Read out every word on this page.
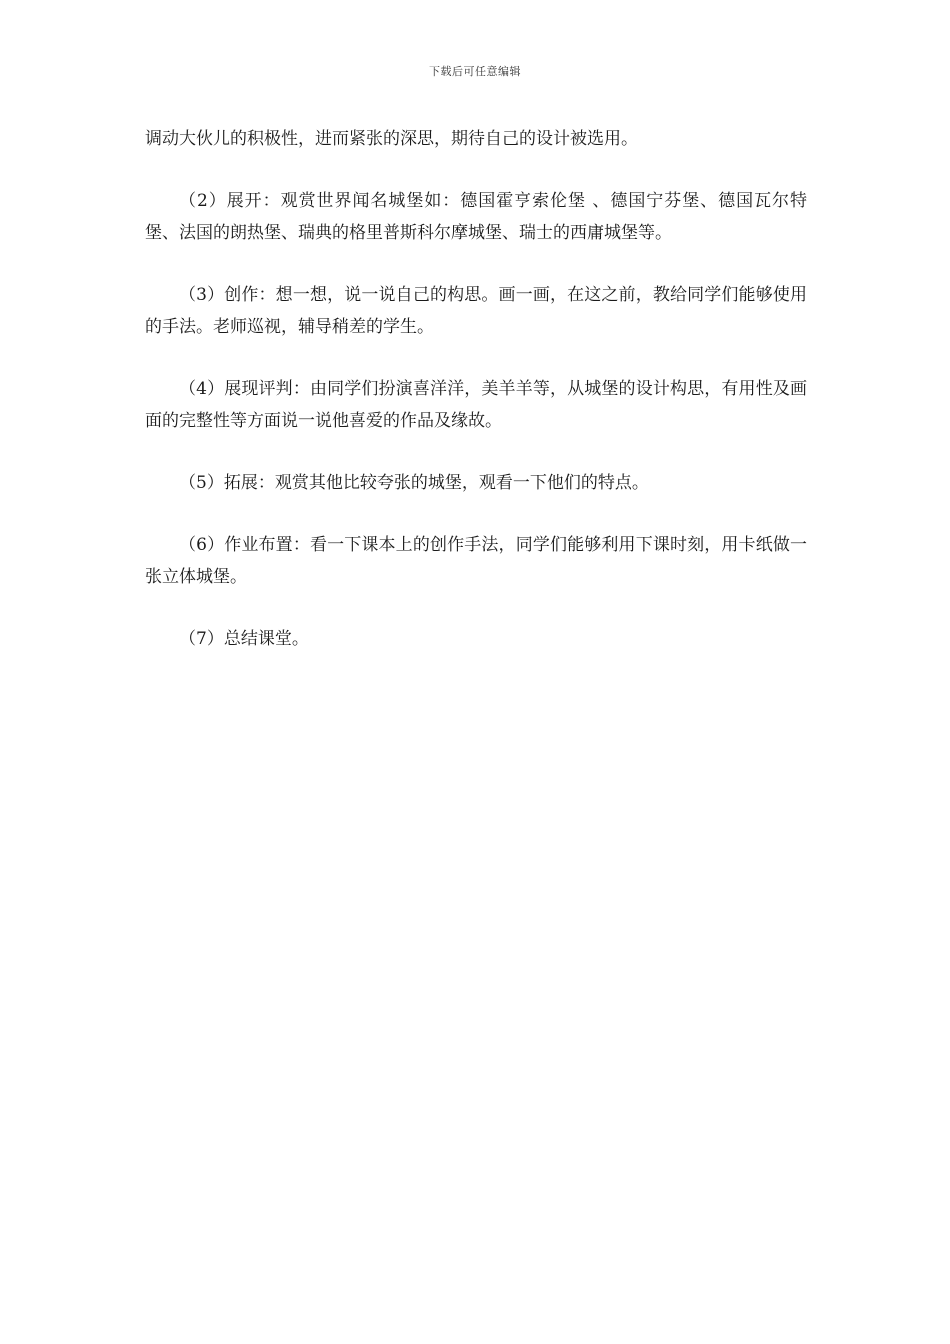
下载后可任意编辑

调动大伙儿的积极性，进而紧张的深思，期待自己的设计被选用。

（2）展开：观赏世界闻名城堡如：德国霍亨索伦堡 、德国宁芬堡、德国瓦尔特堡、法国的朗热堡、瑞典的格里普斯科尔摩城堡、瑞士的西庸城堡等。

（3）创作：想一想，说一说自己的构思。画一画，在这之前，教给同学们能够使用的手法。老师巡视，辅导稍差的学生。

（4）展现评判：由同学们扮演喜洋洋，美羊羊等，从城堡的设计构思，有用性及画面的完整性等方面说一说他喜爱的作品及缘故。

（5）拓展：观赏其他比较夸张的城堡，观看一下他们的特点。

（6）作业布置：看一下课本上的创作手法，同学们能够利用下课时刻，用卡纸做一张立体城堡。

（7）总结课堂。
